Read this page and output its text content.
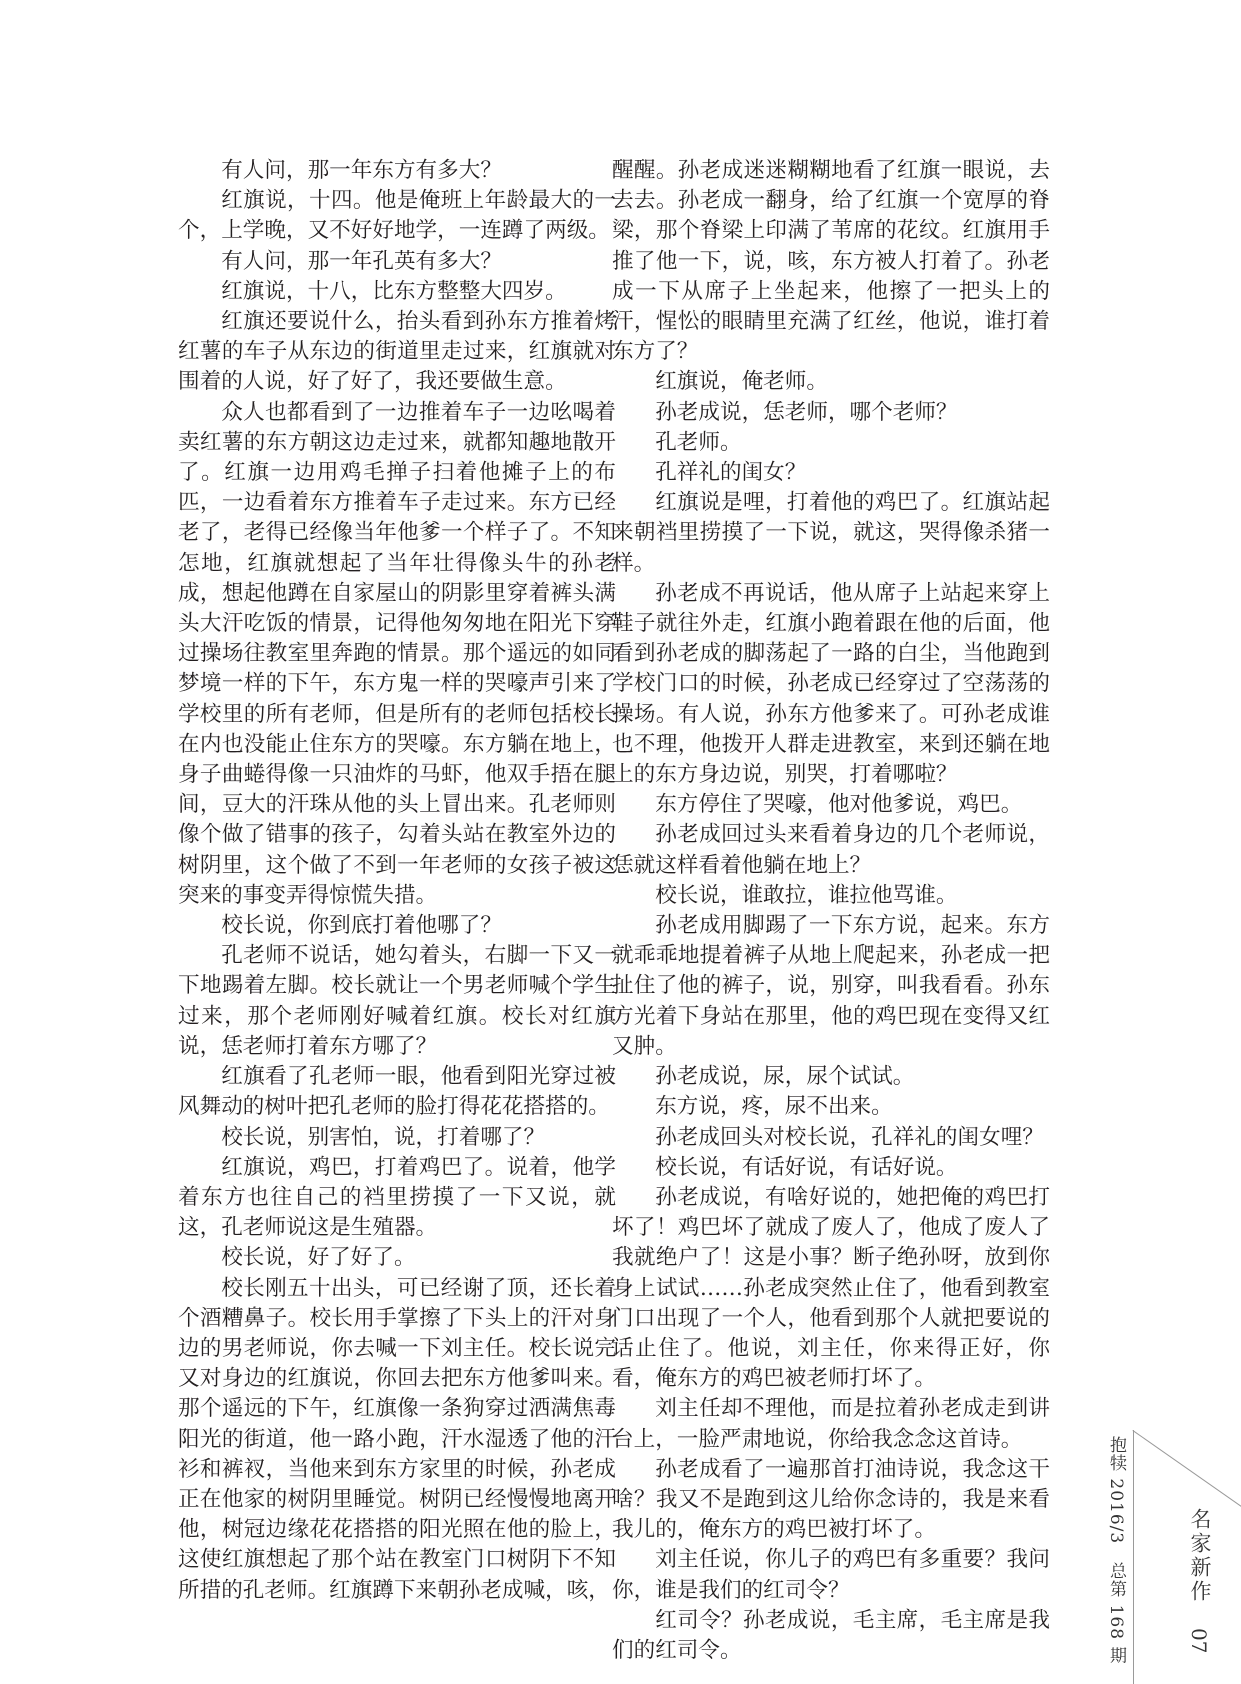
有人问，那一年东方有多大？

红旗说，十四。他是俺班上年龄最大的一个，上学晚，又不好好地学，一连蹲了两级。

有人问，那一年孔英有多大？

红旗说，十八，比东方整整大四岁。

红旗还要说什么，抬头看到孙东方推着烤红薯的车子从东边的街道里走过来，红旗就对围着的人说，好了好了，我还要做生意。

众人也都看到了一边推着车子一边吆喝着卖红薯的东方朝这边走过来，就都知趣地散开了。红旗一边用鸡毛掸子扫着他摊子上的布匹，一边看着东方推着车子走过来。东方已经老了，老得已经像当年他爹一个样子了。不知怎地，红旗就想起了当年壮得像头牛的孙老成，想起他蹲在自家屋山的阴影里穿着裤头满头大汗吃饭的情景，记得他匆匆地在阳光下穿过操场往教室里奔跑的情景。那个遥远的如同梦境一样的下午，东方鬼一样的哭嚎声引来了学校里的所有老师，但是所有的老师包括校长在内也没能止住东方的哭嚎。东方躺在地上，身子曲蜷得像一只油炸的马虾，他双手捂在腿间，豆大的汗珠从他的头上冒出来。孔老师则像个做了错事的孩子，勾着头站在教室外边的树阴里，这个做了不到一年老师的女孩子被这突来的事变弄得惊慌失措。

校长说，你到底打着他哪了？

孔老师不说话，她勾着头，右脚一下又一下地踢着左脚。校长就让一个男老师喊个学生过来，那个老师刚好喊着红旗。校长对红旗说，恁老师打着东方哪了？

红旗看了孔老师一眼，他看到阳光穿过被风舞动的树叶把孔老师的脸打得花花搭搭的。

校长说，别害怕，说，打着哪了？

红旗说，鸡巴，打着鸡巴了。说着，他学着东方也往自己的裆里捞摸了一下又说，就这，孔老师说这是生殖器。

校长说，好了好了。

校长刚五十出头，可已经谢了顶，还长着个酒糟鼻子。校长用手掌擦了下头上的汗对身边的男老师说，你去喊一下刘主任。校长说完又对身边的红旗说，你回去把东方他爹叫来。那个遥远的下午，红旗像一条狗穿过洒满焦毒阳光的街道，他一路小跑，汗水湿透了他的汗衫和裤衩，当他来到东方家里的时候，孙老成正在他家的树阴里睡觉。树阴已经慢慢地离开他，树冠边缘花花搭搭的阳光照在他的脸上，这使红旗想起了那个站在教室门口树阴下不知所措的孔老师。红旗蹲下来朝孙老成喊，咳，

醒醒。孙老成迷迷糊糊地看了红旗一眼说，去去去。孙老成一翻身，给了红旗一个宽厚的脊梁，那个脊梁上印满了苇席的花纹。红旗用手推了他一下，说，咳，东方被人打着了。孙老成一下从席子上坐起来，他擦了一把头上的汗，惺忪的眼睛里充满了红丝，他说，谁打着东方了？

红旗说，俺老师。

孙老成说，恁老师，哪个老师？

孔老师。

孔祥礼的闺女？

红旗说是哩，打着他的鸡巴了。红旗站起来朝裆里捞摸了一下说，就这，哭得像杀猪一样。

孙老成不再说话，他从席子上站起来穿上鞋子就往外走，红旗小跑着跟在他的后面，他看到孙老成的脚荡起了一路的白尘，当他跑到学校门口的时候，孙老成已经穿过了空荡荡的操场。有人说，孙东方他爹来了。可孙老成谁也不理，他拨开人群走进教室，来到还躺在地上的东方身边说，别哭，打着哪啦？

东方停住了哭嚎，他对他爹说，鸡巴。

孙老成回过头来看着身边的几个老师说，恁就这样看着他躺在地上？

校长说，谁敢拉，谁拉他骂谁。

孙老成用脚踢了一下东方说，起来。东方就乖乖地提着裤子从地上爬起来，孙老成一把扯住了他的裤子，说，别穿，叫我看看。孙东方光着下身站在那里，他的鸡巴现在变得又红又肿。

孙老成说，尿，尿个试试。

东方说，疼，尿不出来。

孙老成回头对校长说，孔祥礼的闺女哩？

校长说，有话好说，有话好说。

孙老成说，有啥好说的，她把俺的鸡巴打坏了！鸡巴坏了就成了废人了，他成了废人了我就绝户了！这是小事？断子绝孙呀，放到你身上试试……孙老成突然止住了，他看到教室门口出现了一个人，他看到那个人就把要说的话止住了。他说，刘主任，你来得正好，你看，俺东方的鸡巴被老师打坏了。

刘主任却不理他，而是拉着孙老成走到讲台上，一脸严肃地说，你给我念念这首诗。

孙老成看了一遍那首打油诗说，我念这干啥？我又不是跑到这儿给你念诗的，我是来看我儿的，俺东方的鸡巴被打坏了。

刘主任说，你儿子的鸡巴有多重要？我问你，谁是我们的红司令？

红司令？孙老成说，毛主席，毛主席是我们的红司令。	抱犊 2016/3　总第 168 期	名家新作
07
